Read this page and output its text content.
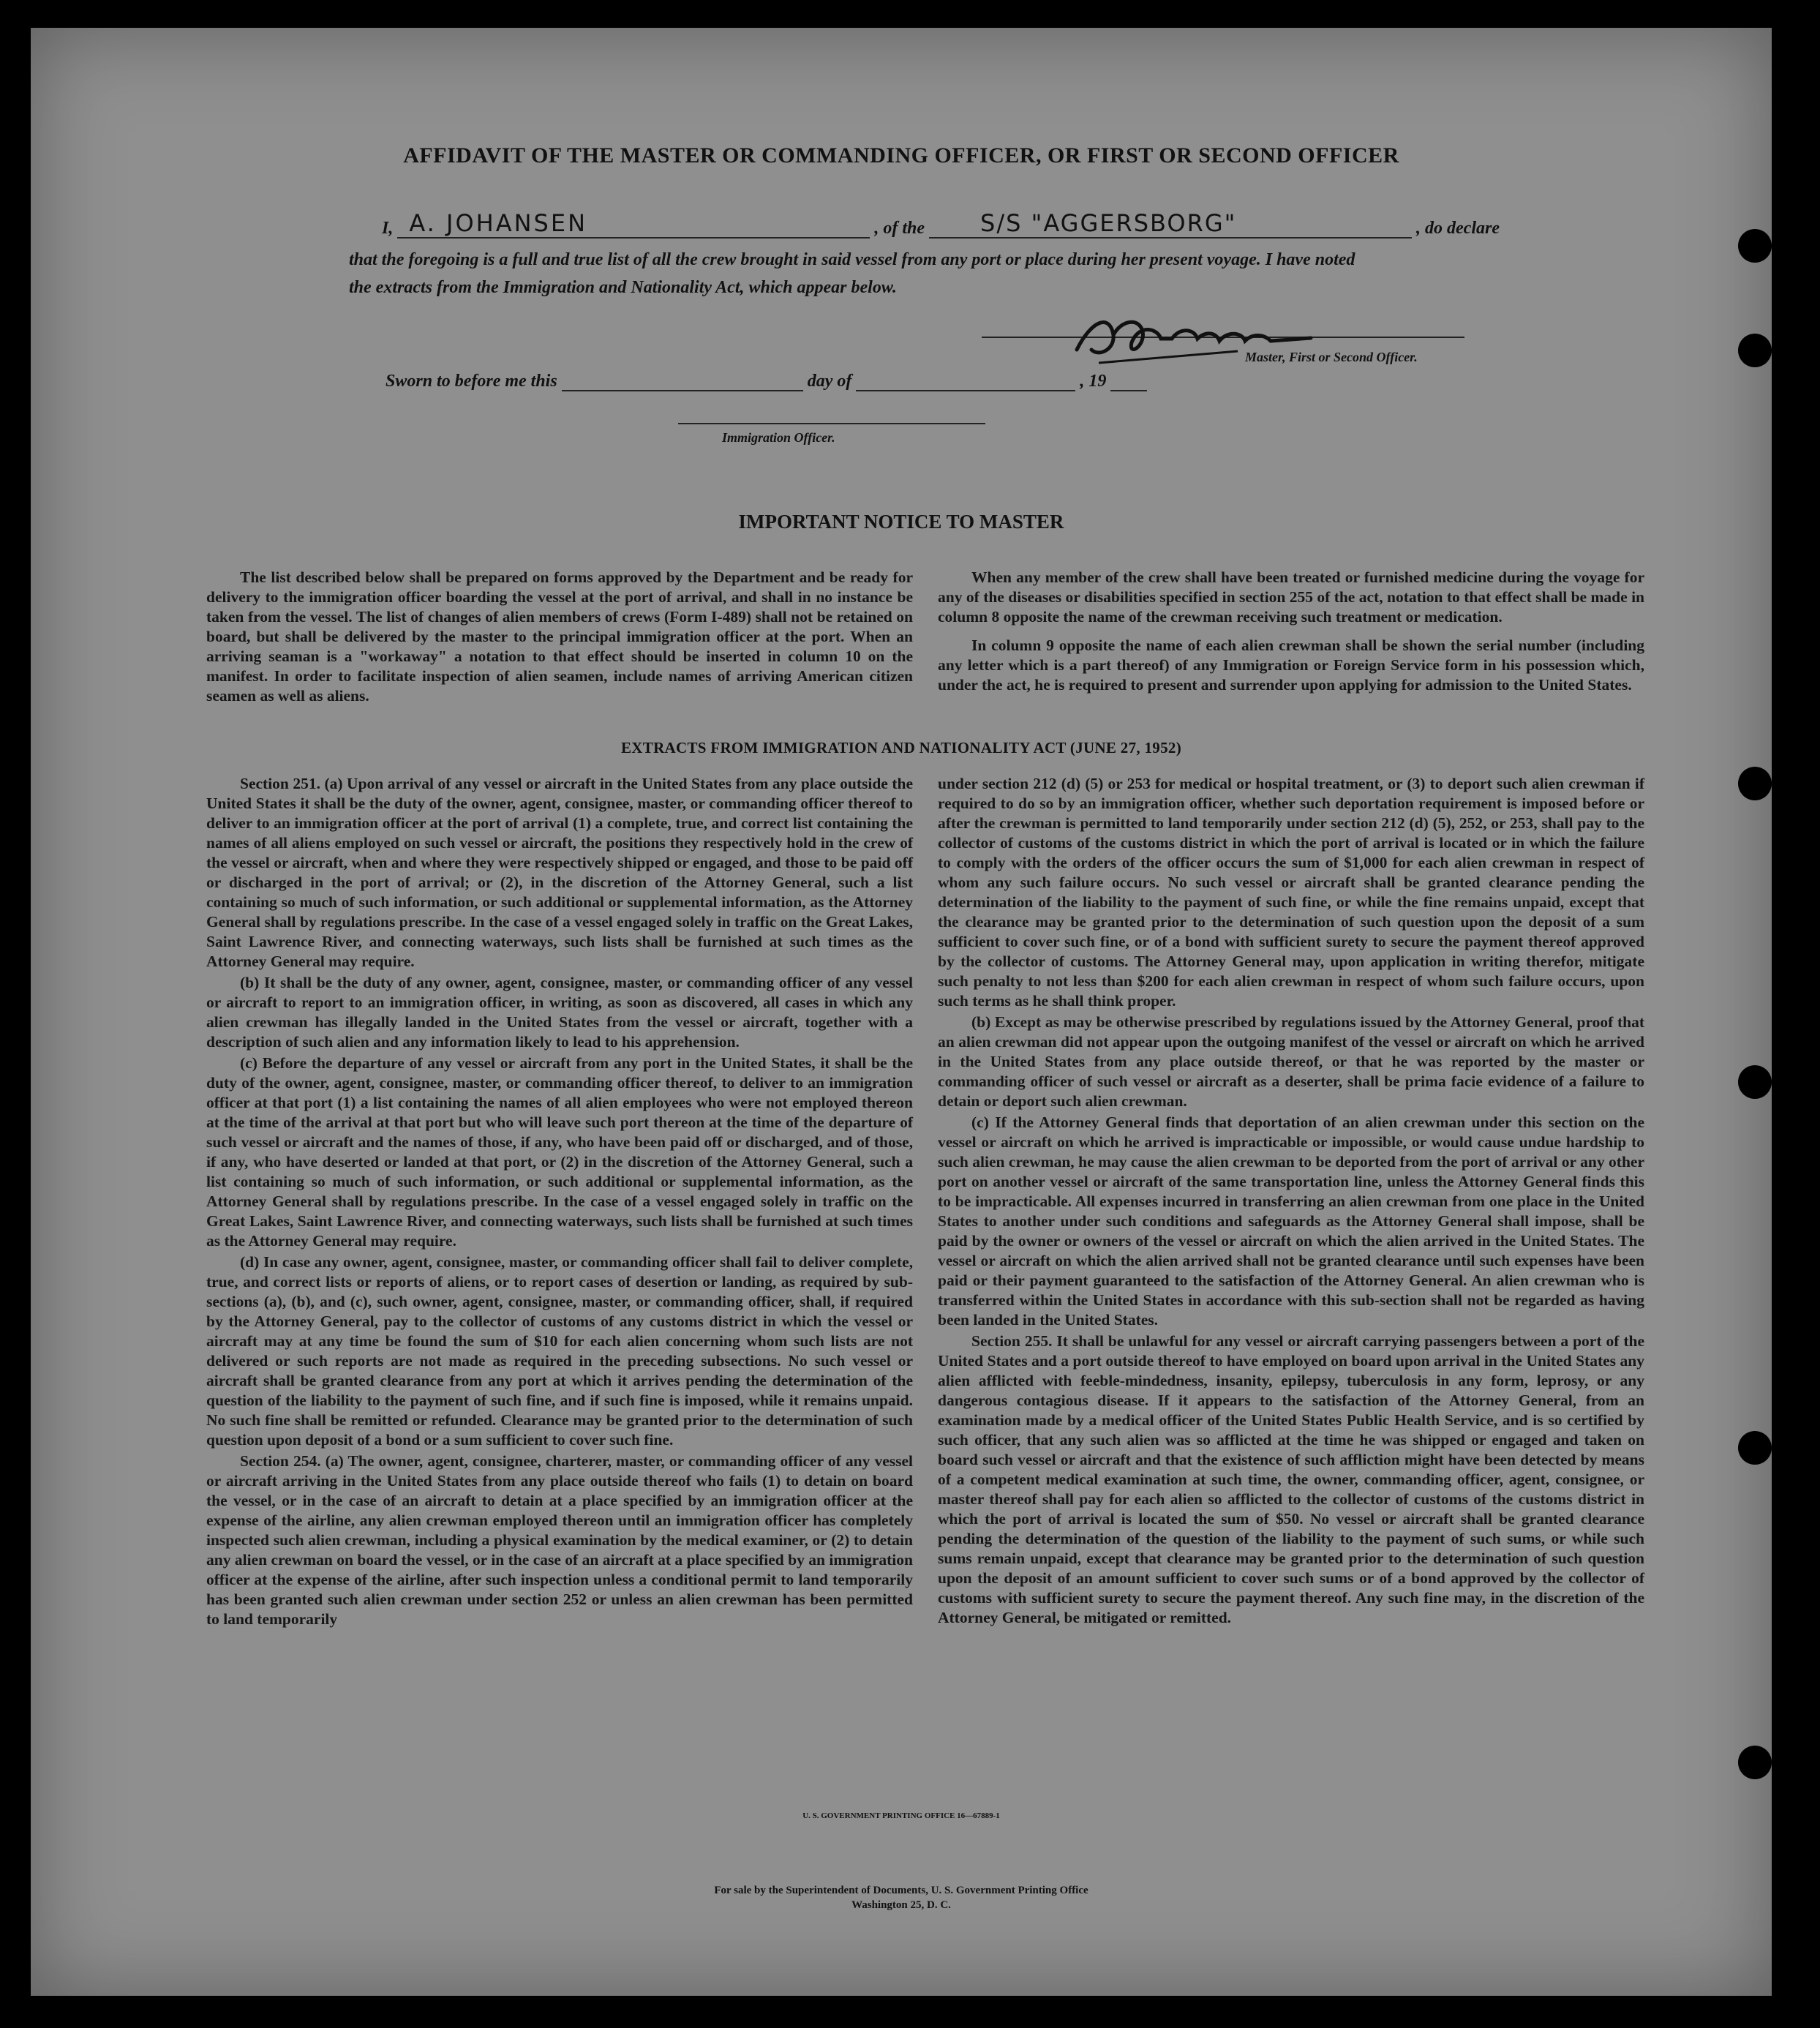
AFFIDAVIT OF THE MASTER OR COMMANDING OFFICER, OR FIRST OR SECOND OFFICER
I, A. JOHANSEN	, of the S/S "AGGERSBORG"	, do declare
that the foregoing is a full and true list of all the crew brought in said vessel from any port or place during her present voyage. I have noted
the extracts from the Immigration and Nationality Act, which appear below.
Master, First or Second Officer.
Sworn to before me this	day of	, 19
Immigration Officer.
IMPORTANT NOTICE TO MASTER

The list described below shall be prepared on forms approved by the Department and be ready for delivery to the immigration officer boarding the vessel at the port of arrival, and shall in no instance be taken from the vessel. The list of changes of alien members of crews (Form I-489) shall not be retained on board, but shall be delivered by the master to the principal immigration officer at the port. When an arriving seaman is a "workaway" a notation to that effect should be inserted in column 10 on the manifest. In order to facilitate inspection of alien seamen, include names of arriving American citizen seamen as well as aliens.

When any member of the crew shall have been treated or furnished medicine during the voyage for any of the diseases or disabilities specified in section 255 of the act, notation to that effect shall be made in column 8 opposite the name of the crewman receiving such treatment or medication.

In column 9 opposite the name of each alien crewman shall be shown the serial number (including any letter which is a part thereof) of any Immigration or Foreign Service form in his possession which, under the act, he is required to present and surrender upon applying for admission to the United States.

EXTRACTS FROM IMMIGRATION AND NATIONALITY ACT (JUNE 27, 1952)

Section 251. (a) Upon arrival of any vessel or aircraft in the United States from any place outside the United States it shall be the duty of the owner, agent, consignee, master, or commanding officer thereof to deliver to an immigration officer at the port of arrival (1) a complete, true, and correct list containing the names of all aliens employed on such vessel or aircraft, the positions they respectively hold in the crew of the vessel or aircraft, when and where they were respectively shipped or engaged, and those to be paid off or discharged in the port of arrival; or (2), in the discretion of the Attorney General, such a list containing so much of such information, or such additional or supplemental information, as the Attorney General shall by regulations prescribe. In the case of a vessel engaged solely in traffic on the Great Lakes, Saint Lawrence River, and connecting waterways, such lists shall be furnished at such times as the Attorney General may require.

(b) It shall be the duty of any owner, agent, consignee, master, or commanding officer of any vessel or aircraft to report to an immigration officer, in writing, as soon as discovered, all cases in which any alien crewman has illegally landed in the United States from the vessel or aircraft, together with a description of such alien and any information likely to lead to his apprehension.

(c) Before the departure of any vessel or aircraft from any port in the United States, it shall be the duty of the owner, agent, consignee, master, or commanding officer thereof, to deliver to an immigration officer at that port (1) a list containing the names of all alien employees who were not employed thereon at the time of the arrival at that port but who will leave such port thereon at the time of the departure of such vessel or aircraft and the names of those, if any, who have been paid off or discharged, and of those, if any, who have deserted or landed at that port, or (2) in the discretion of the Attorney General, such a list containing so much of such information, or such additional or supplemental information, as the Attorney General shall by regulations prescribe. In the case of a vessel engaged solely in traffic on the Great Lakes, Saint Lawrence River, and connecting waterways, such lists shall be furnished at such times as the Attorney General may require.

(d) In case any owner, agent, consignee, master, or commanding officer shall fail to deliver complete, true, and correct lists or reports of aliens, or to report cases of desertion or landing, as required by sub-sections (a), (b), and (c), such owner, agent, consignee, master, or commanding officer, shall, if required by the Attorney General, pay to the collector of customs of any customs district in which the vessel or aircraft may at any time be found the sum of $10 for each alien concerning whom such lists are not delivered or such reports are not made as required in the preceding subsections. No such vessel or aircraft shall be granted clearance from any port at which it arrives pending the determination of the question of the liability to the payment of such fine, and if such fine is imposed, while it remains unpaid. No such fine shall be remitted or refunded. Clearance may be granted prior to the determination of such question upon deposit of a bond or a sum sufficient to cover such fine.

Section 254. (a) The owner, agent, consignee, charterer, master, or commanding officer of any vessel or aircraft arriving in the United States from any place outside thereof who fails (1) to detain on board the vessel, or in the case of an aircraft to detain at a place specified by an immigration officer at the expense of the airline, any alien crewman employed thereon until an immigration officer has completely inspected such alien crewman, including a physical examination by the medical examiner, or (2) to detain any alien crewman on board the vessel, or in the case of an aircraft at a place specified by an immigration officer at the expense of the airline, after such inspection unless a conditional permit to land temporarily has been granted such alien crewman under section 252 or unless an alien crewman has been permitted to land temporarily

under section 212 (d) (5) or 253 for medical or hospital treatment, or (3) to deport such alien crewman if required to do so by an immigration officer, whether such deportation requirement is imposed before or after the crewman is permitted to land temporarily under section 212 (d) (5), 252, or 253, shall pay to the collector of customs of the customs district in which the port of arrival is located or in which the failure to comply with the orders of the officer occurs the sum of $1,000 for each alien crewman in respect of whom any such failure occurs. No such vessel or aircraft shall be granted clearance pending the determination of the liability to the payment of such fine, or while the fine remains unpaid, except that the clearance may be granted prior to the determination of such question upon the deposit of a sum sufficient to cover such fine, or of a bond with sufficient surety to secure the payment thereof approved by the collector of customs. The Attorney General may, upon application in writing therefor, mitigate such penalty to not less than $200 for each alien crewman in respect of whom such failure occurs, upon such terms as he shall think proper.

(b) Except as may be otherwise prescribed by regulations issued by the Attorney General, proof that an alien crewman did not appear upon the outgoing manifest of the vessel or aircraft on which he arrived in the United States from any place outside thereof, or that he was reported by the master or commanding officer of such vessel or aircraft as a deserter, shall be prima facie evidence of a failure to detain or deport such alien crewman.

(c) If the Attorney General finds that deportation of an alien crewman under this section on the vessel or aircraft on which he arrived is impracticable or impossible, or would cause undue hardship to such alien crewman, he may cause the alien crewman to be deported from the port of arrival or any other port on another vessel or aircraft of the same transportation line, unless the Attorney General finds this to be impracticable. All expenses incurred in transferring an alien crewman from one place in the United States to another under such conditions and safeguards as the Attorney General shall impose, shall be paid by the owner or owners of the vessel or aircraft on which the alien arrived in the United States. The vessel or aircraft on which the alien arrived shall not be granted clearance until such expenses have been paid or their payment guaranteed to the satisfaction of the Attorney General. An alien crewman who is transferred within the United States in accordance with this sub-section shall not be regarded as having been landed in the United States.

Section 255. It shall be unlawful for any vessel or aircraft carrying passengers between a port of the United States and a port outside thereof to have employed on board upon arrival in the United States any alien afflicted with feeble-mindedness, insanity, epilepsy, tuberculosis in any form, leprosy, or any dangerous contagious disease. If it appears to the satisfaction of the Attorney General, from an examination made by a medical officer of the United States Public Health Service, and is so certified by such officer, that any such alien was so afflicted at the time he was shipped or engaged and taken on board such vessel or aircraft and that the existence of such affliction might have been detected by means of a competent medical examination at such time, the owner, commanding officer, agent, consignee, or master thereof shall pay for each alien so afflicted to the collector of customs of the customs district in which the port of arrival is located the sum of $50. No vessel or aircraft shall be granted clearance pending the determination of the question of the liability to the payment of such sums, or while such sums remain unpaid, except that clearance may be granted prior to the determination of such question upon the deposit of an amount sufficient to cover such sums or of a bond approved by the collector of customs with sufficient surety to secure the payment thereof. Any such fine may, in the discretion of the Attorney General, be mitigated or remitted.

U. S. GOVERNMENT PRINTING OFFICE 16—67889-1
For sale by the Superintendent of Documents, U. S. Government Printing Office
Washington 25, D. C.
